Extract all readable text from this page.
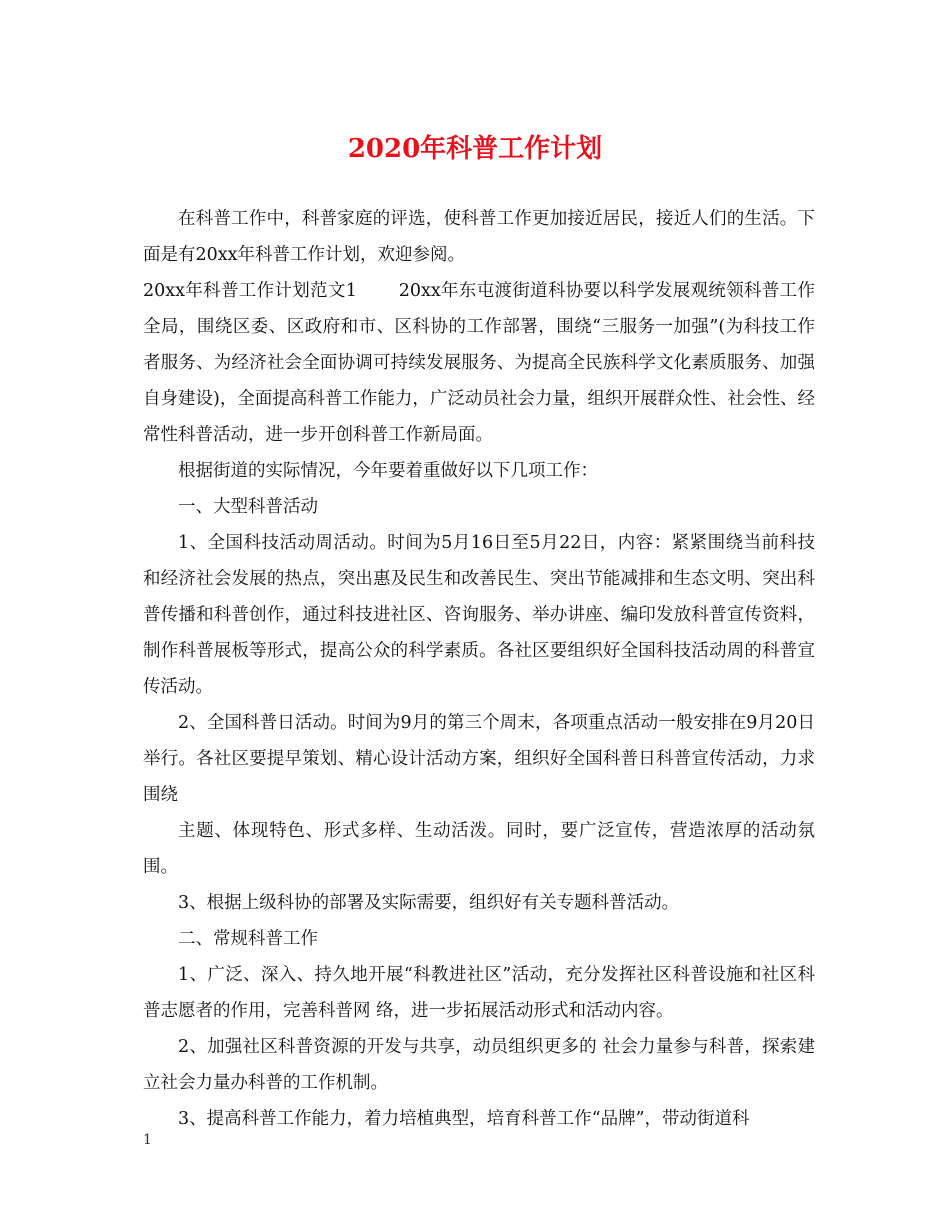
2020年科普工作计划

在科普工作中，科普家庭的评选，使科普工作更加接近居民，接近人们的生活。下面是有20xx年科普工作计划，欢迎参阅。

20xx年科普工作计划范文1　　 20xx年东屯渡街道科协要以科学发展观统领科普工作全局，围绕区委、区政府和市、区科协的工作部署，围绕“三服务一加强”(为科技工作者服务、为经济社会全面协调可持续发展服务、为提高全民族科学文化素质服务、加强自身建设)，全面提高科普工作能力，广泛动员社会力量，组织开展群众性、社会性、经常性科普活动，进一步开创科普工作新局面。

根据街道的实际情况，今年要着重做好以下几项工作：

一、大型科普活动

1、全国科技活动周活动。时间为5月16日至5月22日，内容：紧紧围绕当前科技和经济社会发展的热点，突出惠及民生和改善民生、突出节能减排和生态文明、突出科普传播和科普创作，通过科技进社区、咨询服务、举办讲座、编印发放科普宣传资料，制作科普展板等形式，提高公众的科学素质。各社区要组织好全国科技活动周的科普宣传活动。

2、全国科普日活动。时间为9月的第三个周末，各项重点活动一般安排在9月20日举行。各社区要提早策划、精心设计活动方案，组织好全国科普日科普宣传活动，力求围绕

主题、体现特色、形式多样、生动活泼。同时，要广泛宣传，营造浓厚的活动氛围。

3、根据上级科协的部署及实际需要，组织好有关专题科普活动。

二、常规科普工作

1、广泛、深入、持久地开展“科教进社区”活动，充分发挥社区科普设施和社区科普志愿者的作用，完善科普网 络，进一步拓展活动形式和活动内容。

2、加强社区科普资源的开发与共享，动员组织更多的 社会力量参与科普，探索建立社会力量办科普的工作机制。

3、提高科普工作能力，着力培植典型，培育科普工作“品牌”，带动街道科

1
